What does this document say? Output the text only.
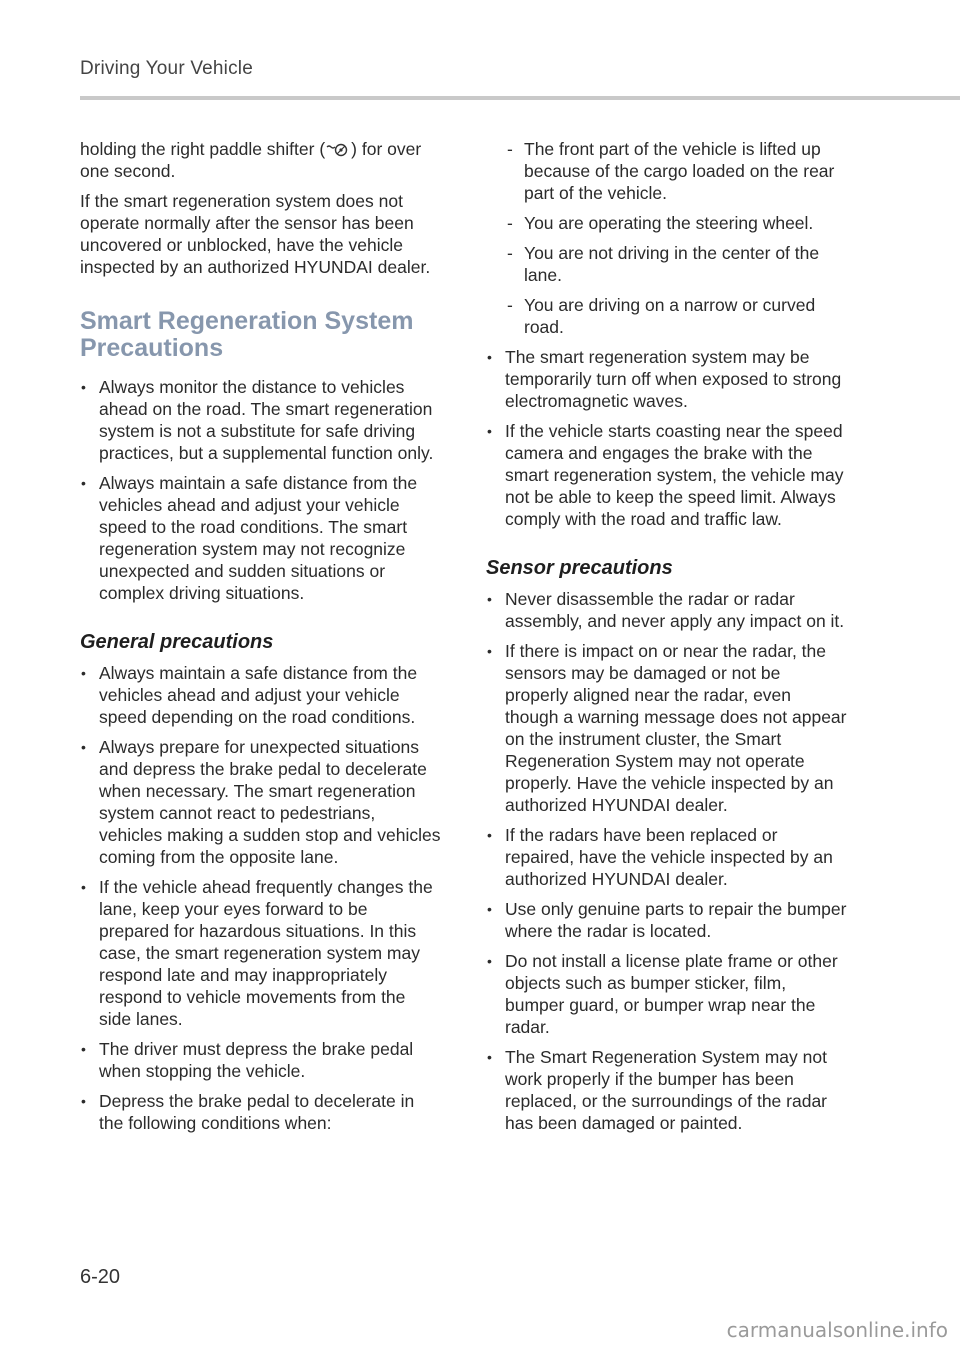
Driving Your Vehicle

holding the right paddle shifter ( ) for over one second.

If the smart regeneration system does not operate normally after the sensor has been uncovered or unblocked, have the vehicle inspected by an authorized HYUNDAI dealer.

Smart Regeneration System
Precautions
• Always monitor the distance to vehicles ahead on the road. The smart regeneration system is not a substitute for safe driving practices, but a supplemental function only.
• Always maintain a safe distance from the vehicles ahead and adjust your vehicle speed to the road conditions. The smart regeneration system may not recognize unexpected and sudden situations or complex driving situations.
General precautions
• Always maintain a safe distance from the vehicles ahead and adjust your vehicle speed depending on the road conditions.
• Always prepare for unexpected situations and depress the brake pedal to decelerate when necessary. The smart regeneration system cannot react to pedestrians, vehicles making a sudden stop and vehicles coming from the opposite lane.
• If the vehicle ahead frequently changes the lane, keep your eyes forward to be prepared for hazardous situations. In this case, the smart regeneration system may respond late and may inappropriately respond to vehicle movements from the side lanes.
• The driver must depress the brake pedal when stopping the vehicle.
• Depress the brake pedal to decelerate in the following conditions when:
- The front part of the vehicle is lifted up because of the cargo loaded on the rear part of the vehicle.
- You are operating the steering wheel.
- You are not driving in the center of the lane.
- You are driving on a narrow or curved road.
• The smart regeneration system may be temporarily turn off when exposed to strong electromagnetic waves.
• If the vehicle starts coasting near the speed camera and engages the brake with the smart regeneration system, the vehicle may not be able to keep the speed limit. Always comply with the road and traffic law.
Sensor precautions
• Never disassemble the radar or radar assembly, and never apply any impact on it.
• If there is impact on or near the radar, the sensors may be damaged or not be properly aligned near the radar, even though a warning message does not appear on the instrument cluster, the Smart Regeneration System may not operate properly. Have the vehicle inspected by an authorized HYUNDAI dealer.
• If the radars have been replaced or repaired, have the vehicle inspected by an authorized HYUNDAI dealer.
• Use only genuine parts to repair the bumper where the radar is located.
• Do not install a license plate frame or other objects such as bumper sticker, film, bumper guard, or bumper wrap near the radar.
• The Smart Regeneration System may not work properly if the bumper has been replaced, or the surroundings of the radar has been damaged or painted.
6-20
carmanualsonline.info
